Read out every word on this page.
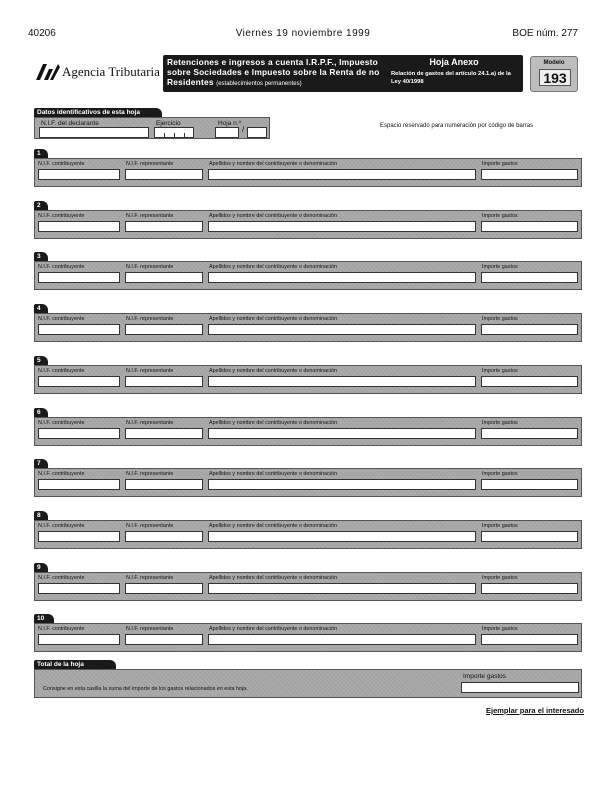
40206	Viernes 19 noviembre 1999	BOE núm. 277
Agencia Tributaria
Retenciones e ingresos a cuenta I.R.P.F., Impuesto
sobre Sociedades e Impuesto sobre la Renta de no
Residentes (establecimientos permanentes)
Hoja Anexo
Relación de gastos del artículo 24.1.a) de la Ley 40/1998
Modelo
193
Datos identificativos de esta hoja
N.I.F. del declarante	Ejercicio	Hoja n.º
/	Espacio reservado para numeración por código de barras
1
N.I.F. contribuyente	N.I.F. representante	Apellidos y nombre del contribuyente o denominación	Importe gastos
2
N.I.F. contribuyente	N.I.F. representante	Apellidos y nombre del contribuyente o denominación	Importe gastos
3
N.I.F. contribuyente	N.I.F. representante	Apellidos y nombre del contribuyente o denominación	Importe gastos
4
N.I.F. contribuyente	N.I.F. representante	Apellidos y nombre del contribuyente o denominación	Importe gastos
5
N.I.F. contribuyente	N.I.F. representante	Apellidos y nombre del contribuyente o denominación	Importe gastos
6
N.I.F. contribuyente	N.I.F. representante	Apellidos y nombre del contribuyente o denominación	Importe gastos
7
N.I.F. contribuyente	N.I.F. representante	Apellidos y nombre del contribuyente o denominación	Importe gastos
8
N.I.F. contribuyente	N.I.F. representante	Apellidos y nombre del contribuyente o denominación	Importe gastos
9
N.I.F. contribuyente	N.I.F. representante	Apellidos y nombre del contribuyente o denominación	Importe gastos
10
N.I.F. contribuyente	N.I.F. representante	Apellidos y nombre del contribuyente o denominación	Importe gastos
Total de la hoja
Consigne en esta casilla la suma del importe de los gastos relacionados en esta hoja.
Importe gastos
Ejemplar para el interesado
